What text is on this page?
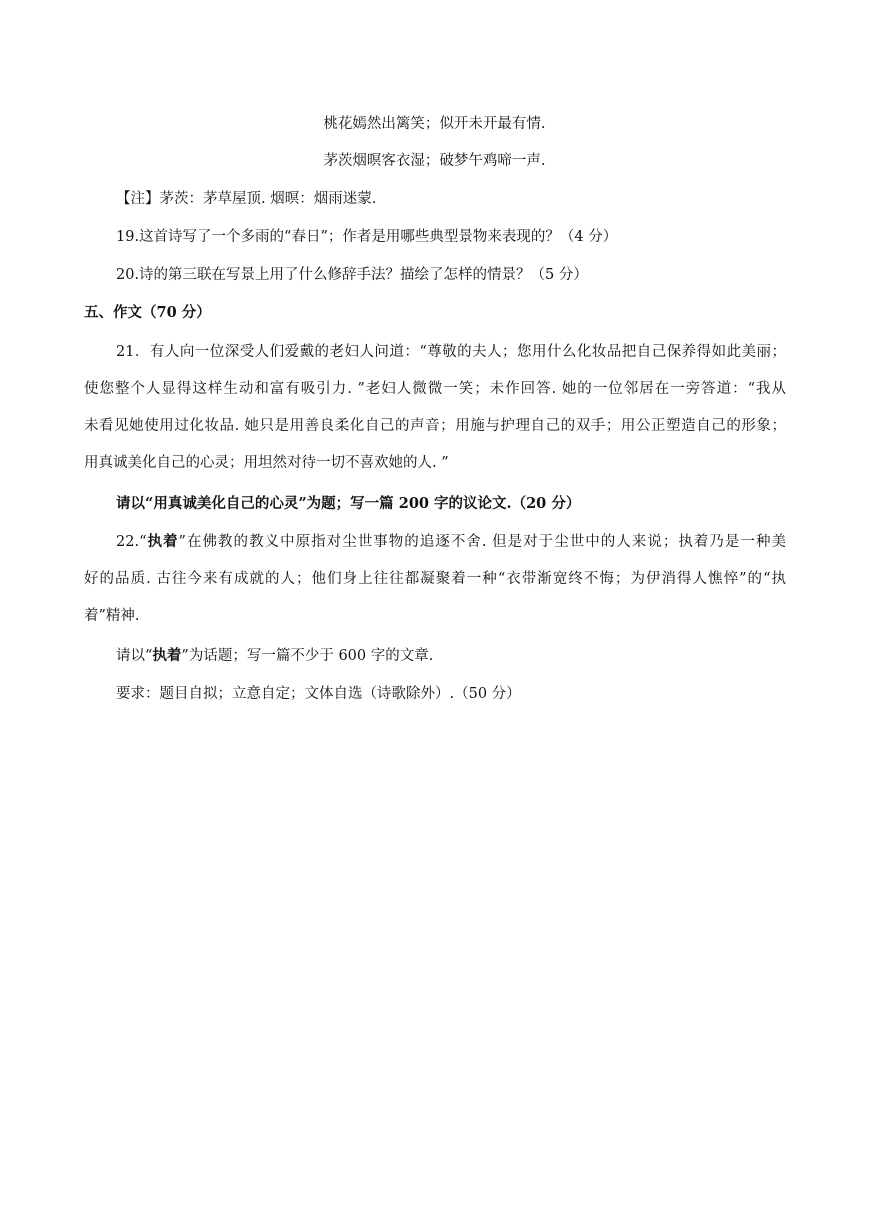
桃花嫣然出篱笑；似开未开最有情.
茅茨烟暝客衣湿；破梦午鸡啼一声.
【注】茅茨：茅草屋顶. 烟暝：烟雨迷蒙.
19.这首诗写了一个多雨的“春日”；作者是用哪些典型景物来表现的？（4 分）
20.诗的第三联在写景上用了什么修辞手法？描绘了怎样的情景？（5 分）
五、作文（70 分）
21．有人向一位深受人们爱戴的老妇人问道：“尊敬的夫人；您用什么化妆品把自己保养得如此美丽；
使您整个人显得这样生动和富有吸引力. ”老妇人微微一笑；未作回答. 她的一位邻居在一旁答道：“我从
未看见她使用过化妆品. 她只是用善良柔化自己的声音；用施与护理自己的双手；用公正塑造自己的形象；
用真诚美化自己的心灵；用坦然对待一切不喜欢她的人. ”
请以“用真诚美化自己的心灵”为题；写一篇 200 字的议论文.（20 分）
22.“执着”在佛教的教义中原指对尘世事物的追逐不舍. 但是对于尘世中的人来说；执着乃是一种美
好的品质. 古往今来有成就的人；他们身上往往都凝聚着一种“衣带渐宽终不悔；为伊消得人憔悴”的“执
着”精神.
请以“执着”为话题；写一篇不少于 600 字的文章.
要求：题目自拟；立意自定；文体自选（诗歌除外）.（50 分）
